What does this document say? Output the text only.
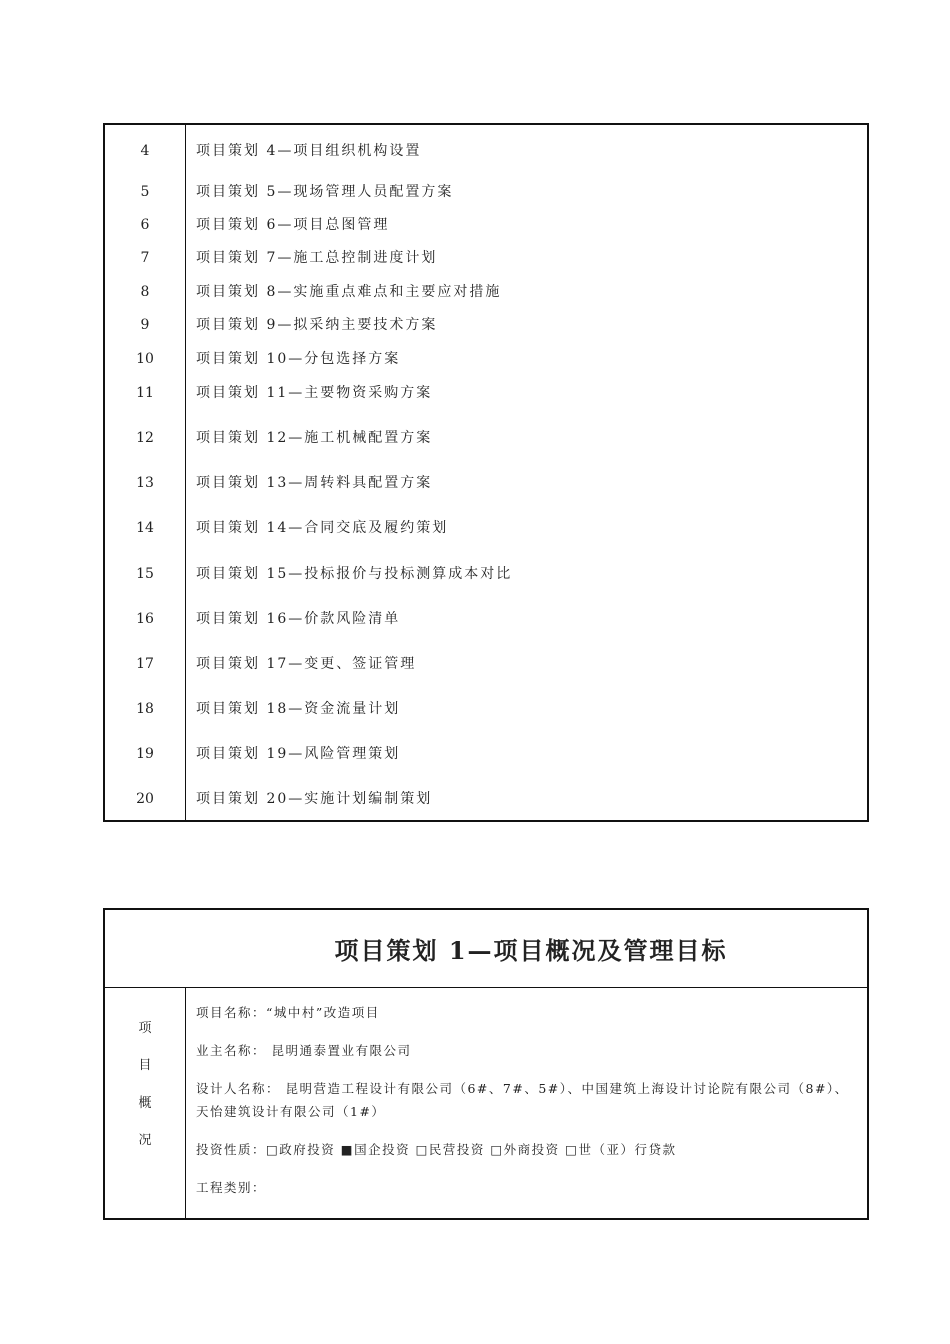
4	项目策划 4—项目组织机构设置
5	项目策划 5—现场管理人员配置方案
6	项目策划 6—项目总图管理
7	项目策划 7—施工总控制进度计划
8	项目策划 8—实施重点难点和主要应对措施
9	项目策划 9—拟采纳主要技术方案
10	项目策划 10—分包选择方案
11	项目策划 11—主要物资采购方案
12	项目策划 12—施工机械配置方案
13	项目策划 13—周转料具配置方案
14	项目策划 14—合同交底及履约策划
15	项目策划 15—投标报价与投标测算成本对比
16	项目策划 16—价款风险清单
17	项目策划 17—变更、签证管理
18	项目策划 18—资金流量计划
19	项目策划 19—风险管理策划
20	项目策划 20—实施计划编制策划
项目策划 1—项目概况及管理目标
项
目
概
况
项目名称：“城中村”改造项目
业主名称： 昆明通泰置业有限公司
设计人名称： 昆明营造工程设计有限公司（6#、7#、5#）、中国建筑上海设计讨论院有限公司（8#）、
天怡建筑设计有限公司（1#）
投资性质：□政府投资 ■国企投资 □民营投资 □外商投资 □世（亚）行贷款
工程类别：
